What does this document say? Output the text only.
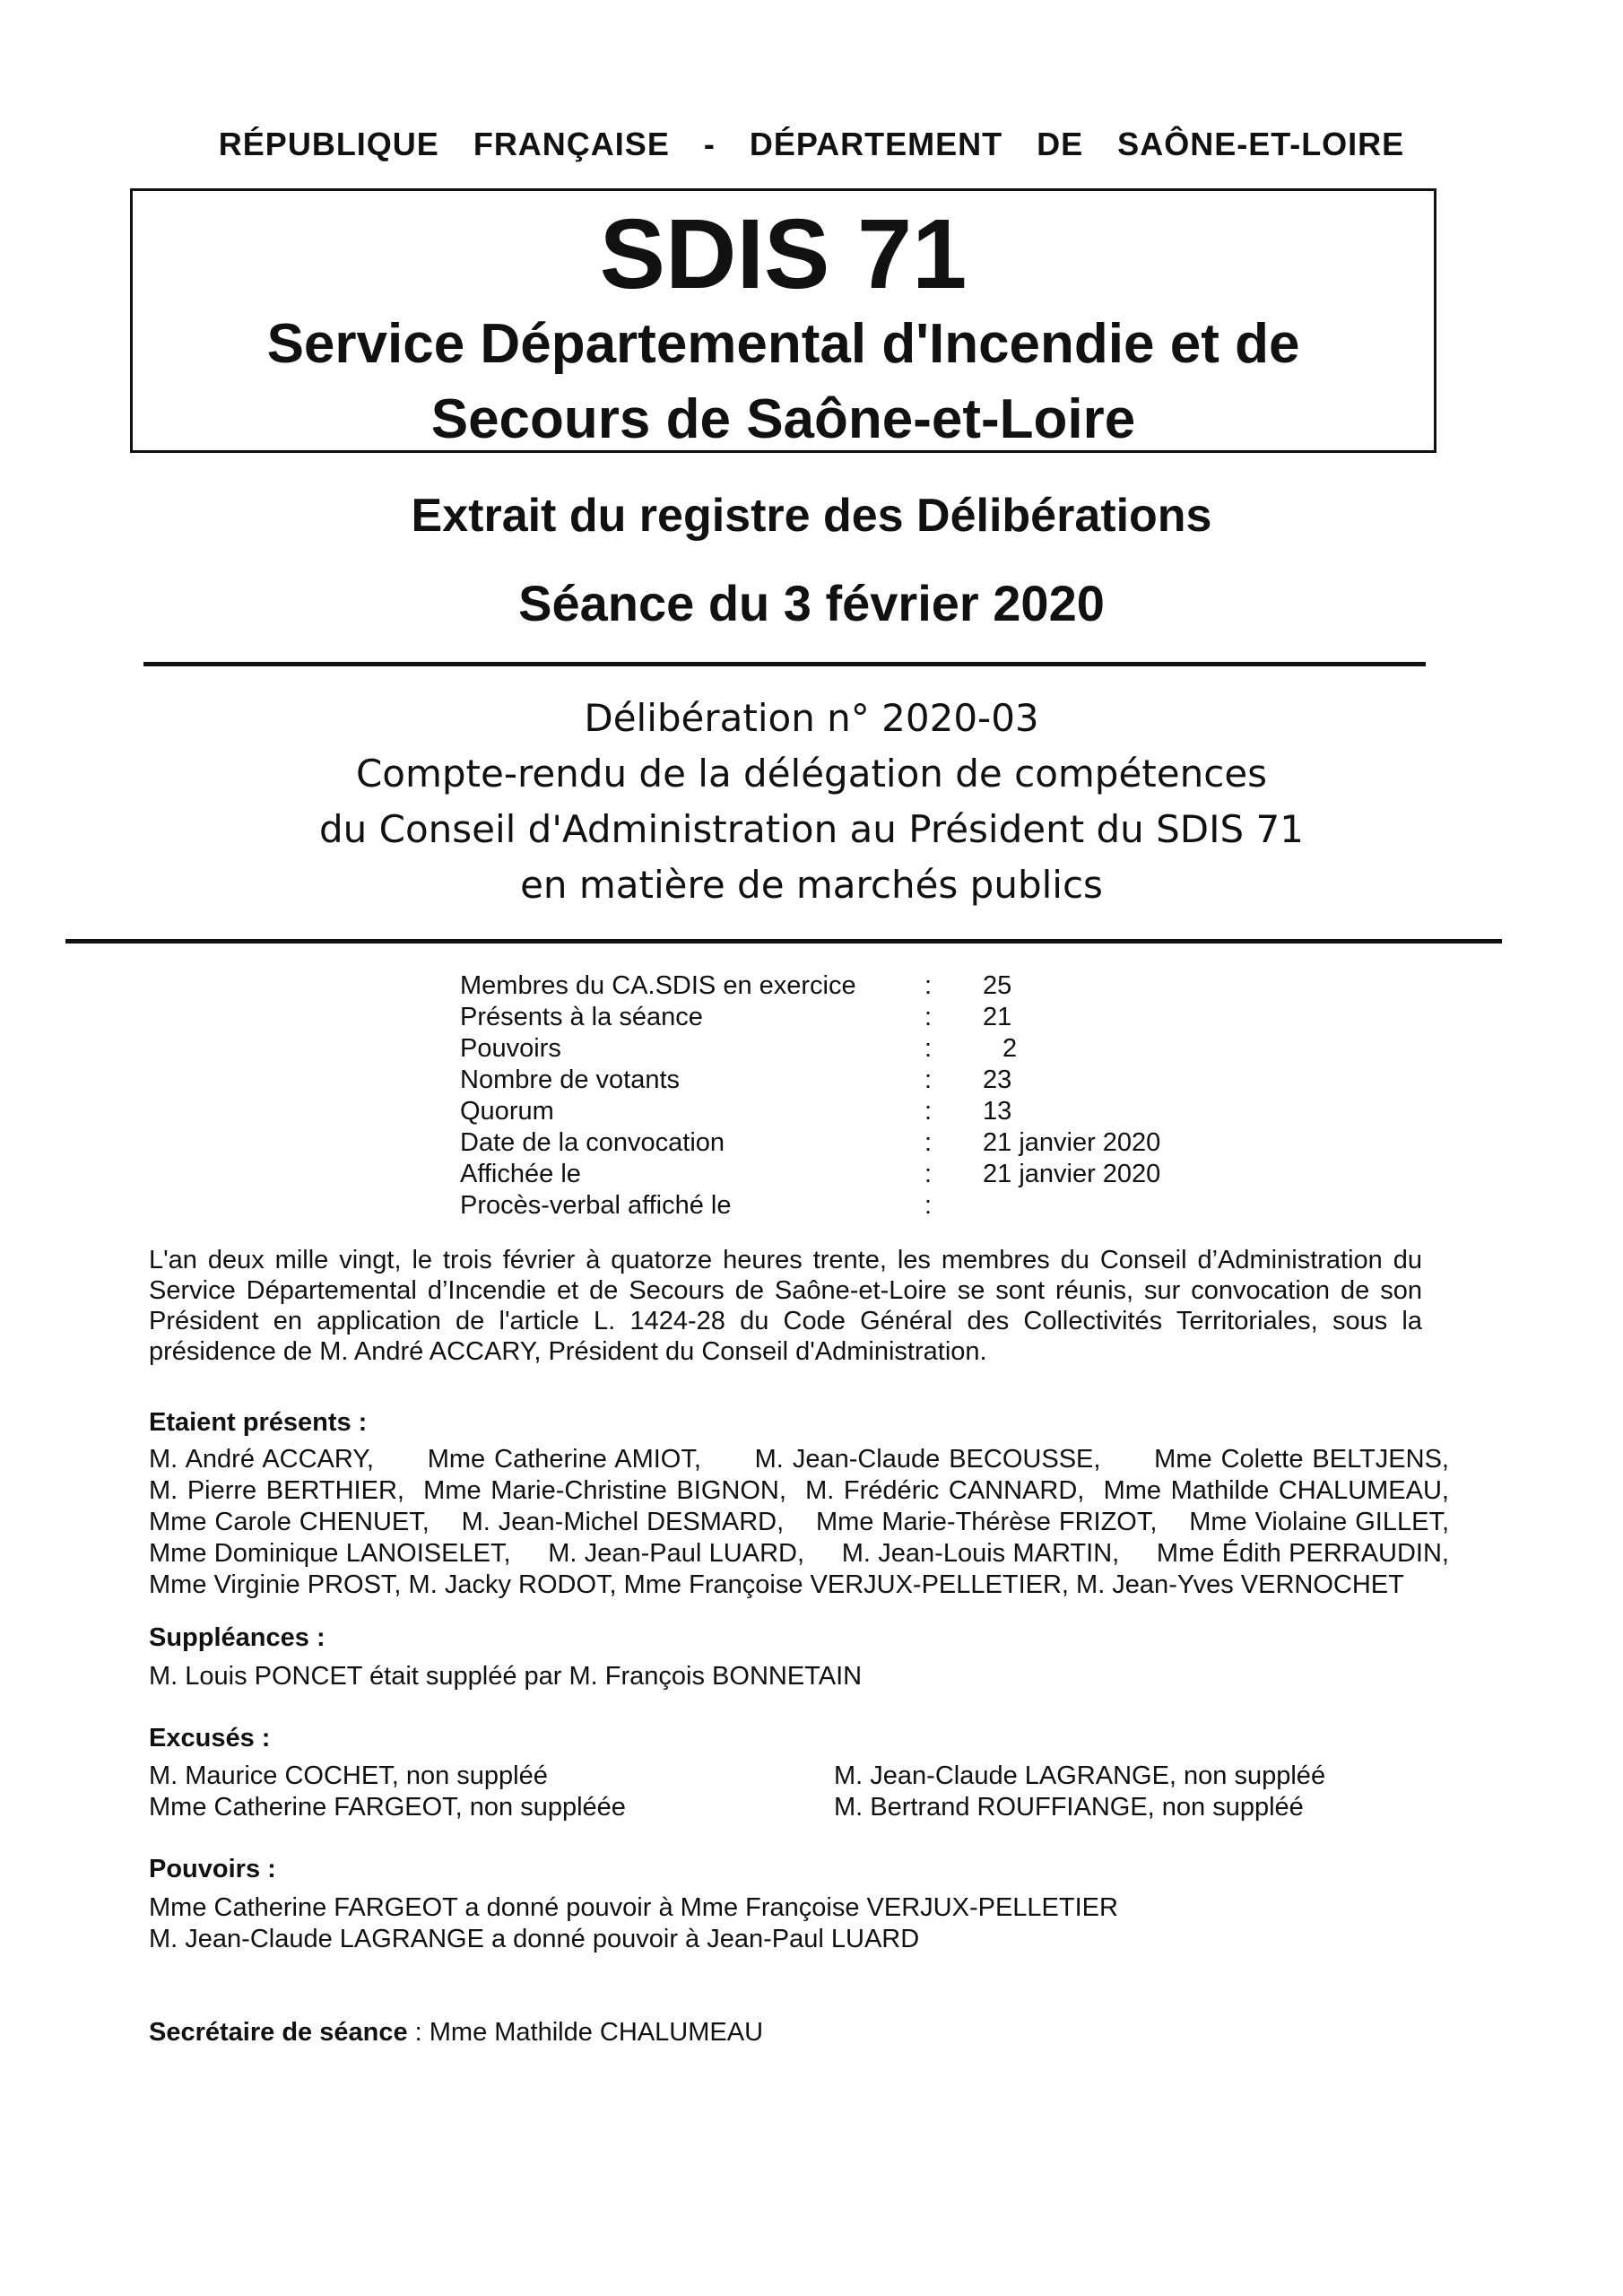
RÉPUBLIQUE  FRANÇAISE  -  DÉPARTEMENT  DE  SAÔNE-ET-LOIRE
SDIS 71
Service Départemental d'Incendie et de
Secours de Saône-et-Loire
Extrait du registre des Délibérations
Séance du 3 février 2020
Délibération n° 2020-03
Compte-rendu de la délégation de compétences
du Conseil d'Administration au Président du SDIS 71
en matière de marchés publics
Membres du CA.SDIS en exercice	:	25
Présents à la séance	:	21
Pouvoirs	:	2
Nombre de votants	:	23
Quorum	:	13
Date de la convocation	:	21 janvier 2020
Affichée le	:	21 janvier 2020
Procès-verbal affiché le	:
L'an deux mille vingt, le trois février à quatorze heures trente, les membres du Conseil d’Administration du Service Départemental d’Incendie et de Secours de Saône-et-Loire se sont réunis, sur convocation de son Président en application de l'article L. 1424-28 du Code Général des Collectivités Territoriales, sous la présidence de M. André ACCARY, Président du Conseil d'Administration.
Etaient présents :
M. André ACCARY,      Mme Catherine AMIOT,      M. Jean-Claude BECOUSSE,      Mme Colette BELTJENS,
M. Pierre BERTHIER,  Mme Marie-Christine BIGNON,  M. Frédéric CANNARD,  Mme Mathilde CHALUMEAU,
Mme Carole CHENUET,    M. Jean-Michel DESMARD,    Mme Marie-Thérèse FRIZOT,    Mme Violaine GILLET,
Mme Dominique LANOISELET,     M. Jean-Paul LUARD,     M. Jean-Louis MARTIN,     Mme Édith PERRAUDIN,
Mme Virginie PROST, M. Jacky RODOT, Mme Françoise VERJUX-PELLETIER, M. Jean-Yves VERNOCHET
Suppléances :
M. Louis PONCET était suppléé par M. François BONNETAIN
Excusés :
M. Maurice COCHET, non suppléé
Mme Catherine FARGEOT, non suppléée
M. Jean-Claude LAGRANGE, non suppléé
M. Bertrand ROUFFIANGE, non suppléé
Pouvoirs :
Mme Catherine FARGEOT a donné pouvoir à Mme Françoise VERJUX-PELLETIER
M. Jean-Claude LAGRANGE a donné pouvoir à Jean-Paul LUARD
Secrétaire de séance : Mme Mathilde CHALUMEAU
